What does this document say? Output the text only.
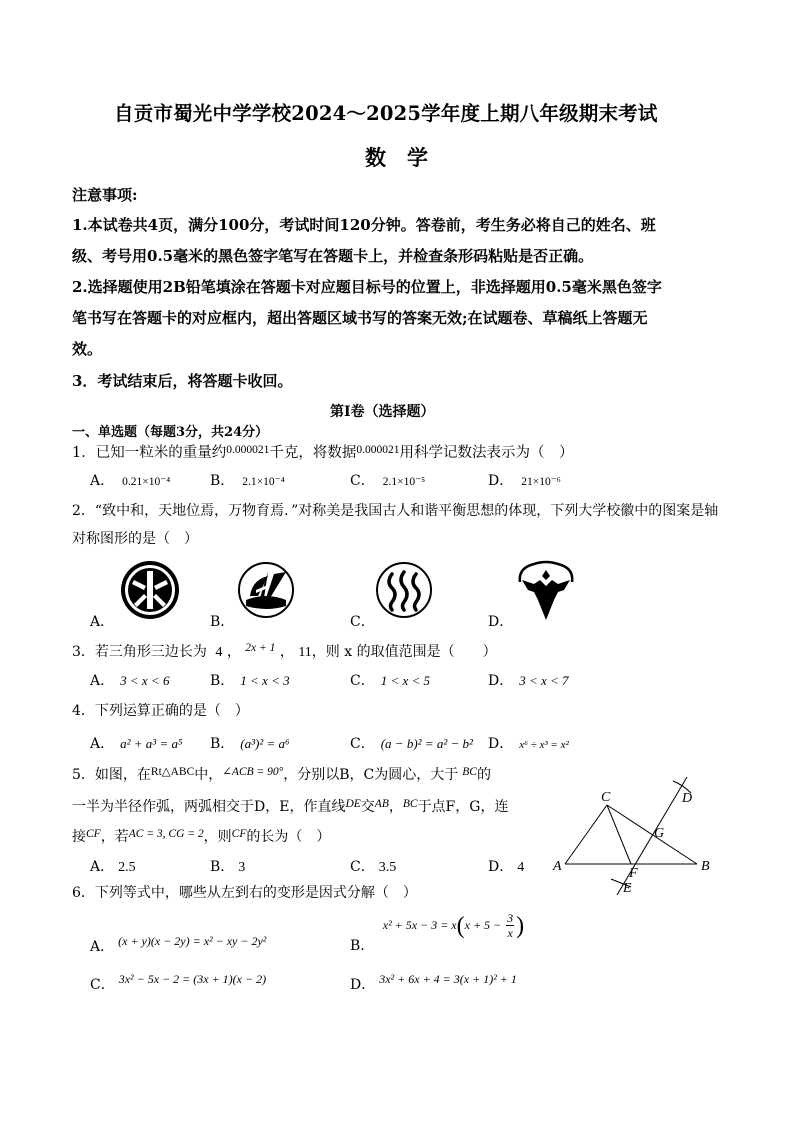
自贡市蜀光中学学校2024～2025学年度上期八年级期末考试
数　学
注意事项:
1.本试卷共4页，满分100分，考试时间120分钟。答卷前，考生务必将自己的姓名、班
级、考号用0.5毫米的黑色签字笔写在答题卡上，并检查条形码粘贴是否正确。
2.选择题使用2B铅笔填涂在答题卡对应题目标号的位置上，非选择题用0.5毫米黑色签字
笔书写在答题卡的对应框内，超出答题区域书写的答案无效;在试题卷、草稿纸上答题无
效。
3．考试结束后，将答题卡收回。
第Ⅰ卷（选择题）
一、单选题（每题3分，共24分）
1．已知一粒米的重量约$^{0.000021}$千克，将数据$^{0.000021}$用科学记数法表示为（　）
A． 0.21×10⁻⁴	B． 2.1×10⁻⁴	C． 2.1×10⁻⁵	D． 21×10⁻⁶
2．“致中和，天地位焉，万物育焉．”对称美是我国古人和谐平衡思想的体现，下列大学校徽中的图案是轴
对称图形的是（　）
A．	B．	C．	D．
3．若三角形三边长为 4 ， $^{2x + 1}$ ， 11，则 x 的取值范围是（　　）
A． 3 < x < 6	B． 1 < x < 3	C． 1 < x < 5	D． 3 < x < 7
4．下列运算正确的是（　）
A． a² + a³ = a⁵ B． (a³)² = a⁶	C． (a − b)² = a² − b² D． x⁶ ÷ x³ = x²
5．如图，在$^{Rt\triangle ABC}$中，$^{\angle ACB = 90^\circ}$，分别以B，C为圆心，大于 $^{BC}$的
一半为半径作弧，两弧相交于D，E，作直线$^{DE}$交$^{AB}$，$^{BC}$于点F，G，连
接$^{CF}$，若$^{AC = 3, CG = 2}$，则$^{CF}$的长为（　）
A． 2.5	B． 3	C． 3.5	D． 4 A	B
C	D
E
F
G
6．下列等式中，哪些从左到右的变形是因式分解（　）
A． (x + y)(x − 2y) = x² − xy − 2y²	B． $x^2 + 5x - 3 = x(x + 5 - \frac{3}{x}$ )
C． 3x² − 5x − 2 = (3x + 1)(x − 2)	D． 3x² + 6x + 4 = 3(x + 1)² + 1
